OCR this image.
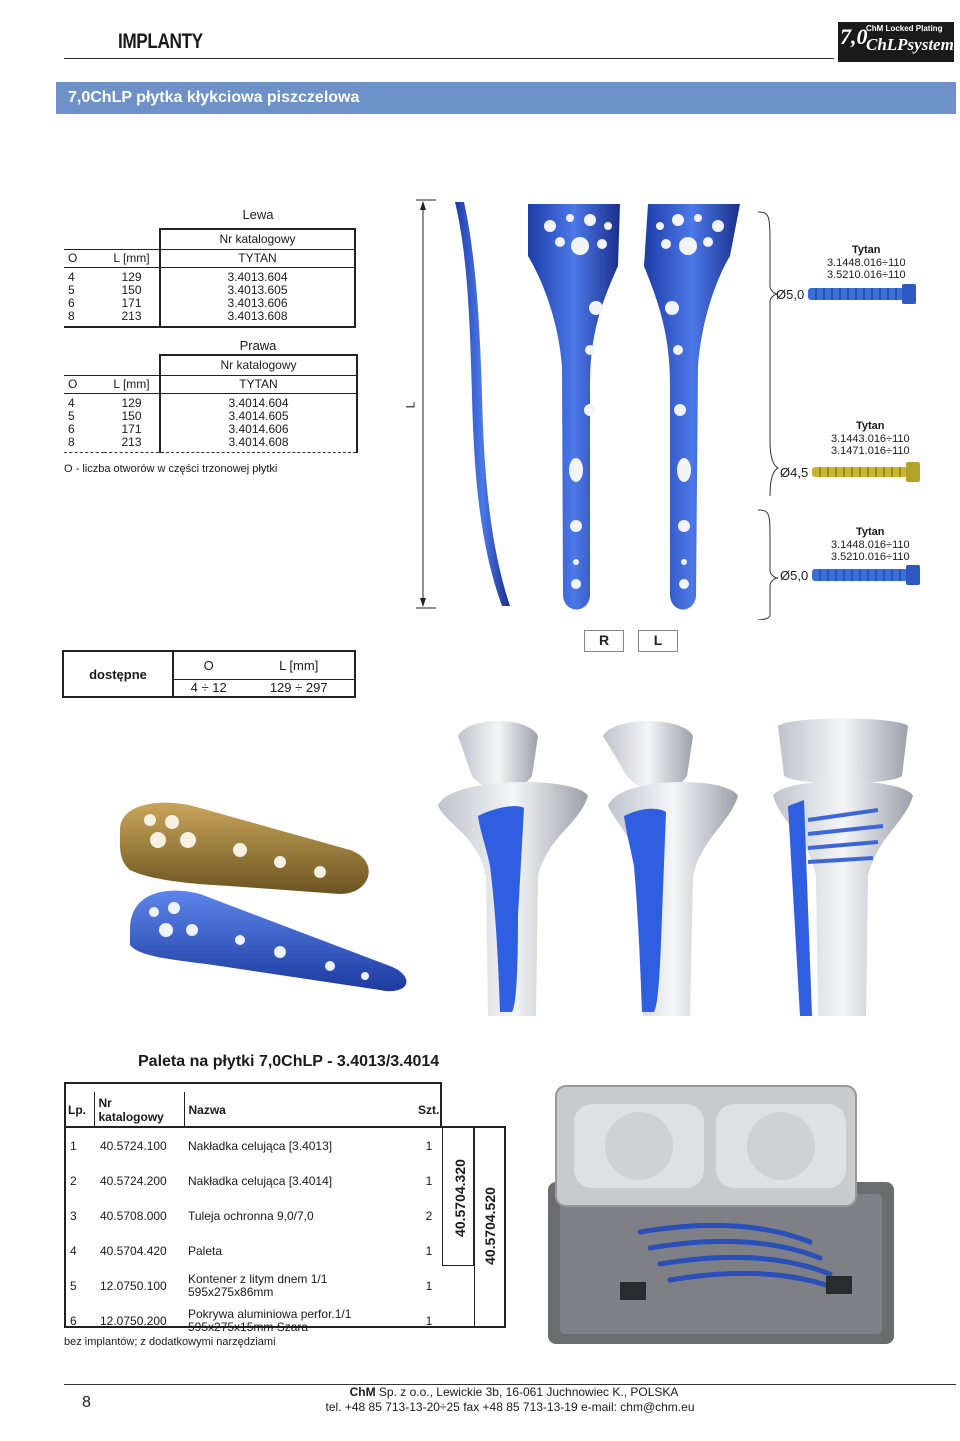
IMPLANTY	7,0
ChM Locked Plating
ChLPsystem
7,0ChLP płytka kłykciowa piszczelowa
Lewa
		Nr katalogowy
O	L [mm]	TYTAN
4	129	3.4013.604
5	150	3.4013.605
6	171	3.4013.606
8	213	3.4013.608
Prawa
		Nr katalogowy
O	L [mm]	TYTAN
4	129	3.4014.604
5	150	3.4014.605
6	171	3.4014.606
8	213	3.4014.608
O - liczba otworów w części trzonowej płytki
L
Tytan
3.1448.016÷110
3.5210.016÷110
Ø5,0
Tytan
3.1443.016÷110
3.1471.016÷110
Ø4,5
Tytan
3.1448.016÷110
3.5210.016÷110
Ø5,0
R	L
dostępne	O	L [mm]
	4 ÷ 12	129 ÷ 297
Paleta na płytki 7,0ChLP - 3.4013/3.4014
Lp.	Nr katalogowy	Nazwa	Szt.
1	40.5724.100	Nakładka celująca [3.4013]	1
2	40.5724.200	Nakładka celująca [3.4014]	1
3	40.5708.000	Tuleja ochronna 9,0/7,0	2
4	40.5704.420	Paleta	1
5	12.0750.100	Kontener z litym dnem 1/1
595x275x86mm	1
6	12.0750.200	Pokrywa aluminiowa perfor.1/1
595x275x15mm Szara	1
40.5704.320 40.5704.520
bez implantów; z dodatkowymi narzędziami
8
ChM Sp. z o.o., Lewickie 3b, 16-061 Juchnowiec K., POLSKA
tel. +48 85 713-13-20÷25 fax +48 85 713-13-19 e-mail: chm@chm.eu
